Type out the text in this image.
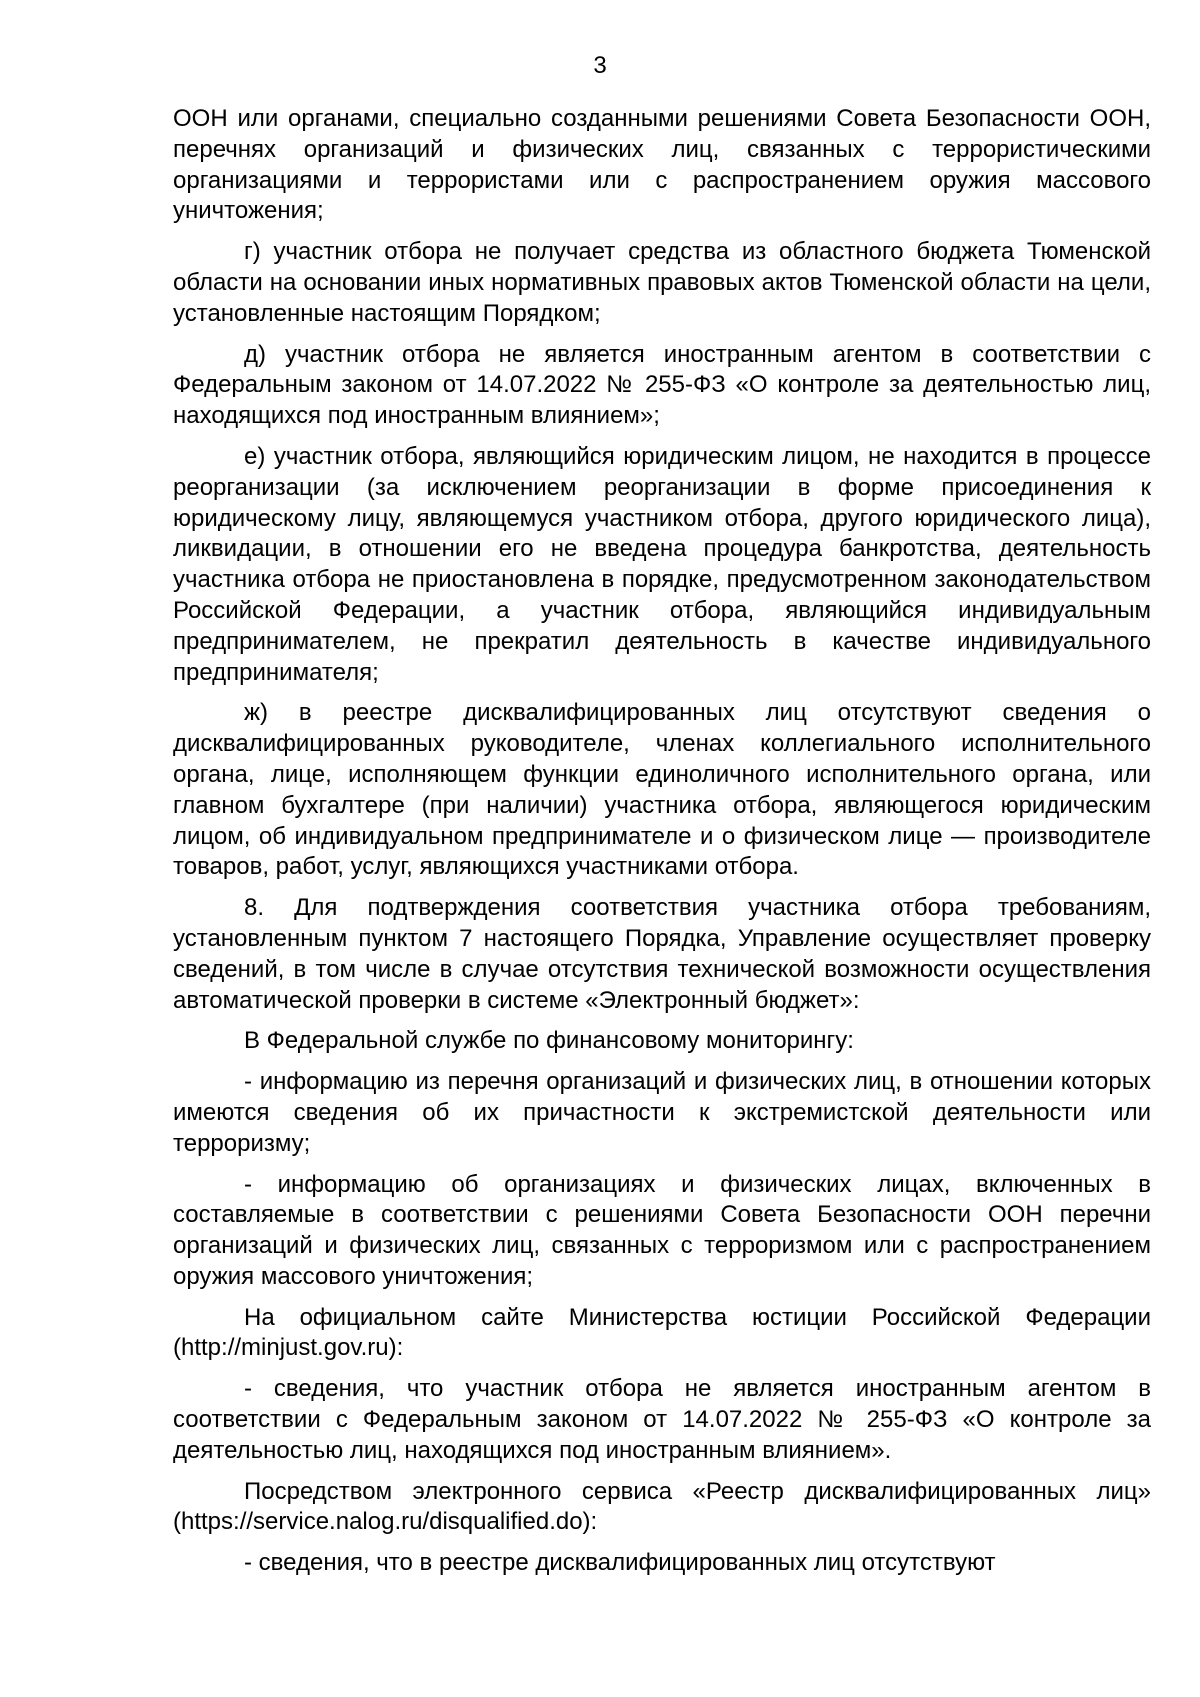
3

ООН или органами, специально созданными решениями Совета Безопасности ООН, перечнях организаций и физических лиц, связанных с террористическими организациями и террористами или с распространением оружия массового уничтожения;

г) участник отбора не получает средства из областного бюджета Тюменской области на основании иных нормативных правовых актов Тюменской области на цели, установленные настоящим Порядком;

д) участник отбора не является иностранным агентом в соответствии с Федеральным законом от 14.07.2022 № 255-ФЗ «О контроле за деятельностью лиц, находящихся под иностранным влиянием»;

е) участник отбора, являющийся юридическим лицом, не находится в процессе реорганизации (за исключением реорганизации в форме присоединения к юридическому лицу, являющемуся участником отбора, другого юридического лица), ликвидации, в отношении его не введена процедура банкротства, деятельность участника отбора не приостановлена в порядке, предусмотренном законодательством Российской Федерации, а участник отбора, являющийся индивидуальным предпринимателем, не прекратил деятельность в качестве индивидуального предпринимателя;

ж) в реестре дисквалифицированных лиц отсутствуют сведения о дисквалифицированных руководителе, членах коллегиального исполнительного органа, лице, исполняющем функции единоличного исполнительного органа, или главном бухгалтере (при наличии) участника отбора, являющегося юридическим лицом, об индивидуальном предпринимателе и о физическом лице — производителе товаров, работ, услуг, являющихся участниками отбора.

8. Для подтверждения соответствия участника отбора требованиям, установленным пунктом 7 настоящего Порядка, Управление осуществляет проверку сведений, в том числе в случае отсутствия технической возможности осуществления автоматической проверки в системе «Электронный бюджет»:

В Федеральной службе по финансовому мониторингу:

- информацию из перечня организаций и физических лиц, в отношении которых имеются сведения об их причастности к экстремистской деятельности или терроризму;

- информацию об организациях и физических лицах, включенных в составляемые в соответствии с решениями Совета Безопасности ООН перечни организаций и физических лиц, связанных с терроризмом или с распространением оружия массового уничтожения;

На официальном сайте Министерства юстиции Российской Федерации (http://minjust.gov.ru):

- сведения, что участник отбора не является иностранным агентом в соответствии с Федеральным законом от 14.07.2022 № 255-ФЗ «О контроле за деятельностью лиц, находящихся под иностранным влиянием».

Посредством электронного сервиса «Реестр дисквалифицированных лиц» (https://service.nalog.ru/disqualified.do):

- сведения, что в реестре дисквалифицированных лиц отсутствуют
